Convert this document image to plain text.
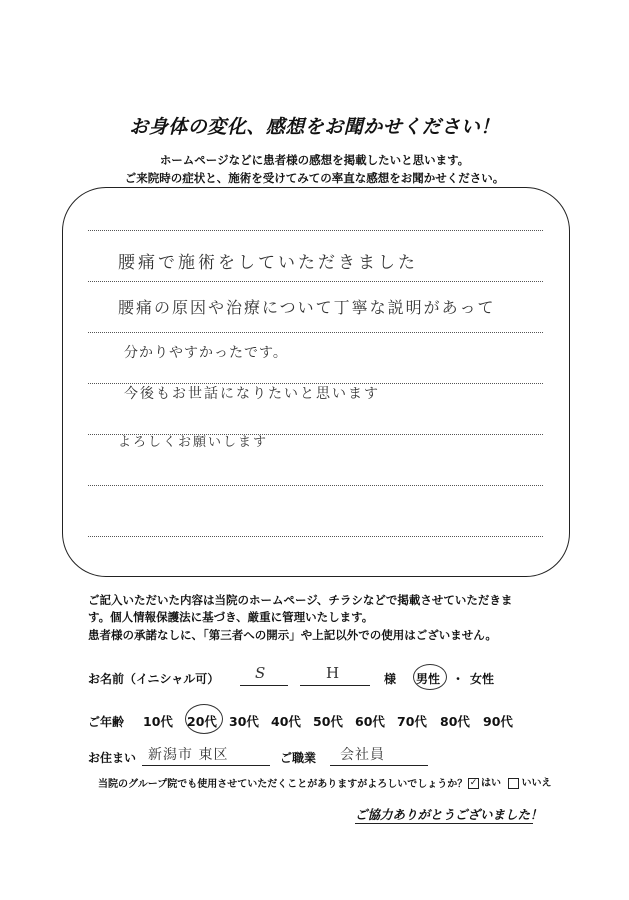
お身体の変化、感想をお聞かせください！
ホームページなどに患者様の感想を掲載したいと思います。
ご来院時の症状と、施術を受けてみての率直な感想をお聞かせください。
腰痛で施術をしていただきました
腰痛の原因や治療について丁寧な説明があって
分かりやすかったです。
今後もお世話になりたいと思います
よろしくお願いします
ご記入いただいた内容は当院のホームページ、チラシなどで掲載させていただきま
す。個人情報保護法に基づき、厳重に管理いたします。
患者様の承諾なしに、「第三者への開示」や上記以外での使用はございません。
お名前（イニシャル可） S	H	様 男性 ・ 女性
ご年齢 10代 20代 30代 40代 50代 60代 70代 80代 90代
お住まい 新潟市 東区	ご職業 会社員
当院のグループ院でも使用させていただくことがありますがよろしいでしょうか？ ✓ はい いいえ
ご協力ありがとうございました！
